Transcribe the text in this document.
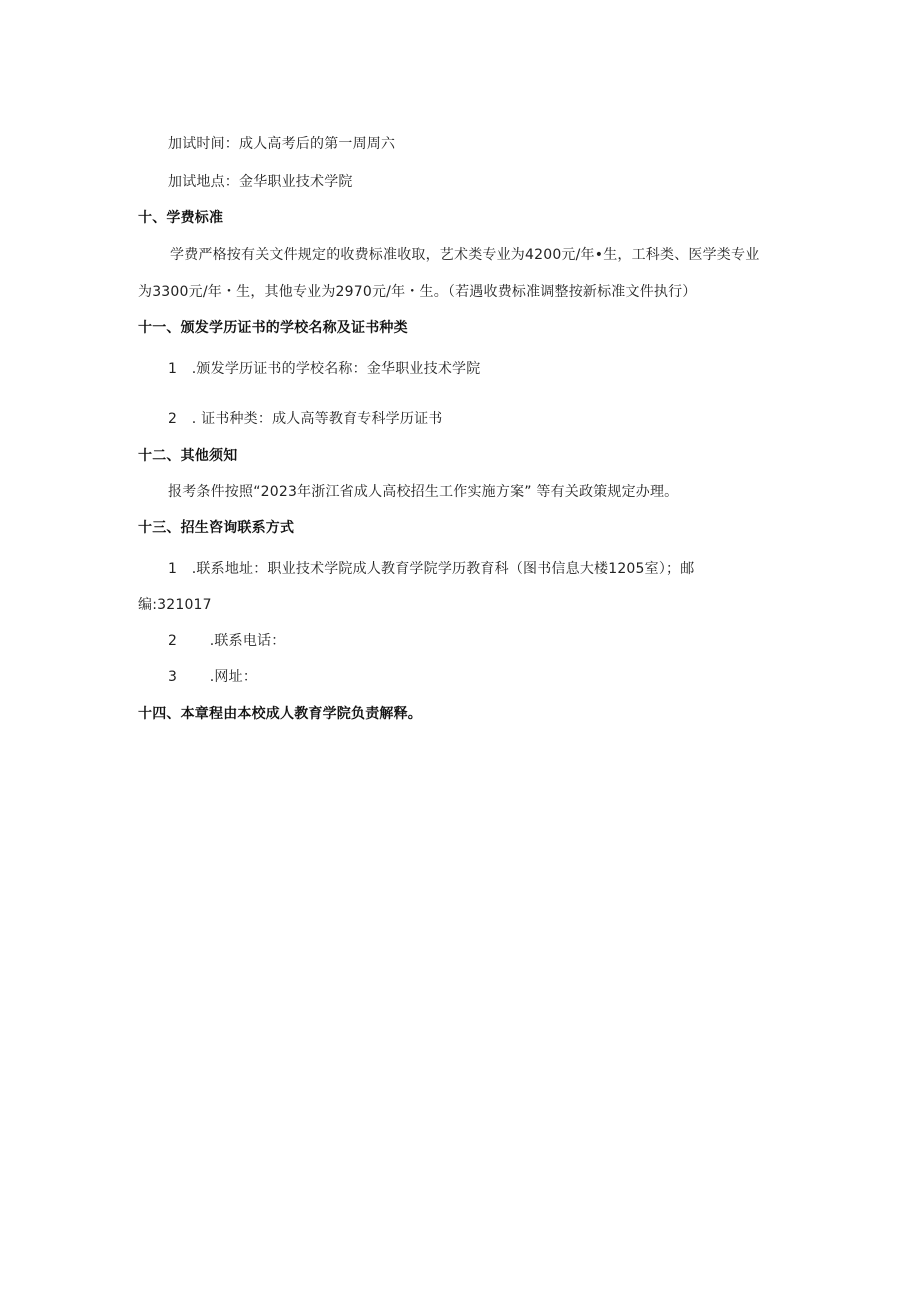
加试时间：成人高考后的第一周周六
加试地点：金华职业技术学院
十、学费标准
学费严格按有关文件规定的收费标准收取，艺术类专业为4200元/年•生，工科类、医学类专业
为3300元/年・生，其他专业为2970元/年・生。（若遇收费标准调整按新标准文件执行）
十一、颁发学历证书的学校名称及证书种类
1 .颁发学历证书的学校名称：金华职业技术学院
2 . 证书种类：成人高等教育专科学历证书
十二、其他须知
报考条件按照“2023年浙江省成人高校招生工作实施方案” 等有关政策规定办理。
十三、招生咨询联系方式
1 .联系地址：职业技术学院成人教育学院学历教育科（图书信息大楼1205室）；邮
编:321017
2 .联系电话：
3 .网址：
十四、本章程由本校成人教育学院负责解释。
